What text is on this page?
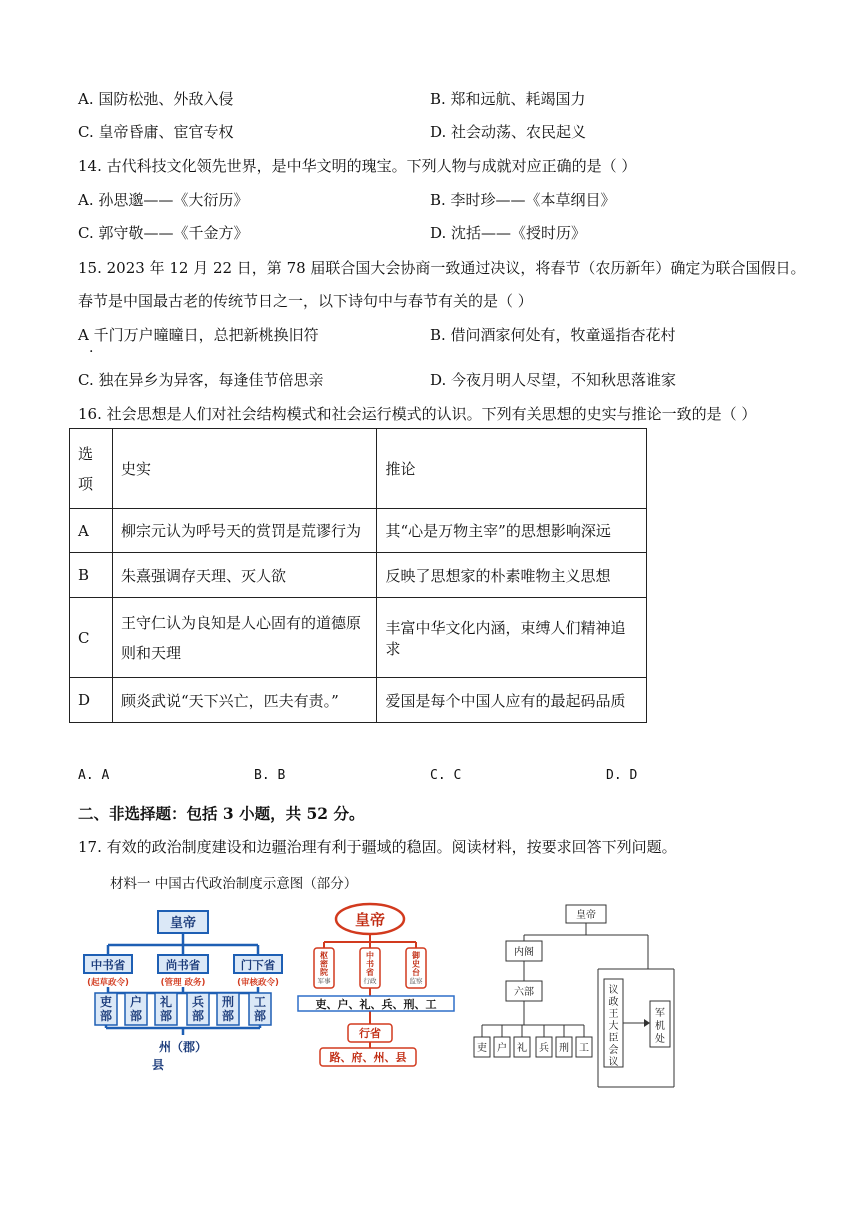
A. 国防松弛、外敌入侵	B. 郑和远航、耗竭国力
C. 皇帝昏庸、宦官专权	D. 社会动荡、农民起义
14. 古代科技文化领先世界，是中华文明的瑰宝。下列人物与成就对应正确的是（ ）
A. 孙思邈——《大衍历》	B. 李时珍——《本草纲目》
C. 郭守敬——《千金方》	D. 沈括——《授时历》
15. 2023 年 12 月 22 日，第 78 届联合国大会协商一致通过决议，将春节（农历新年）确定为联合国假日。
春节是中国最古老的传统节日之一，以下诗句中与春节有关的是（ ）
A 千门万户曈曈日，总把新桃换旧符
.
B. 借问酒家何处有，牧童遥指杏花村
C. 独在异乡为异客，每逢佳节倍思亲	D. 今夜月明人尽望，不知秋思落谁家
16. 社会思想是人们对社会结构模式和社会运行模式的认识。下列有关思想的史实与推论一致的是（ ）
选
项	史实	推论
A	柳宗元认为呼号天的赏罚是荒谬行为	其“心是万物主宰”的思想影响深远
B	朱熹强调存天理、灭人欲	反映了思想家的朴素唯物主义思想
C	王守仁认为良知是人心固有的道德原则和天理	丰富中华文化内涵，束缚人们精神追求
D	顾炎武说“天下兴亡，匹夫有责。”	爱国是每个中国人应有的最起码品质
A. A	B. B	C. C	D. D
二、非选择题：包括 3 小题，共 52 分。
17. 有效的政治制度建设和边疆治理有利于疆域的稳固。阅读材料，按要求回答下列问题。
材料一 中国古代政治制度示意图（部分）
皇帝
中书省	尚书省	门下省
(起草政令)	(管理 政务)	(审核政令)
吏
部
户
部
礼
部
兵
部
刑
部
工
部
州（郡）
县
皇帝
军事	行政	监察
枢
密
院
中
书
省
御
史
台
吏、户、礼、兵、刑、工
行省
路、府、州、县
皇帝
内阁
六部	议
政
王
大
臣
会
议
军
机
处
吏 户 礼 兵 刑 工
